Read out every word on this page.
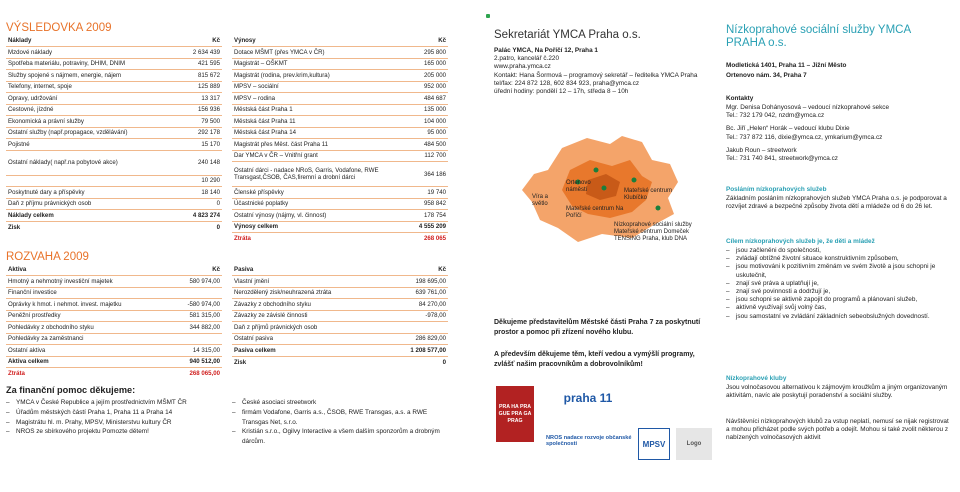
VÝSLEDOVKA 2009
Náklady	Kč
Mzdové náklady	2 634 439
Spotřeba materiálu, potraviny, DHIM, DNIM	421 595
Služby spojené s nájmem, energie, nájem	815 672
Telefony, internet, spoje	125 889
Opravy, udržování	13 317
Cestovné, jízdné	156 936
Ekonomická a právní služby	79 500
Ostatní služby (např.propagace, vzdělávání)	292 178
Pojistné	15 170
Ostatní náklady( např.na pobytové akce)	240 148
	10 290
Poskytnuté dary a příspěvky	18 140
Daň z příjmu právnických osob	0
Náklady celkem	4 823 274
Zisk	0
Výnosy	Kč
Dotace MŠMT (přes YMCA v ČR)	295 800
Magistrát – OŠKMT	165 000
Magistrát (rodina, prev.krim,kultura)	205 000
MPSV – sociální	952 000
MPSV – rodina	484 687
Městská část Praha 1	135 000
Městská část Praha 11	104 000
Městská část Praha 14	95 000
Magistrát přes Měst. část Praha 11	484 500
Dar YMCA v ČR – Vnitřní grant	112 700
Ostatní dárci - nadace NRoS, Garris, Vodafone, RWE Transgast,ČSOB, ČAS,firemní a drobní dárci	364 186
Členské příspěvky	19 740
Účastnické poplatky	958 842
Ostatní výnosy (nájmy, vl. činnost)	178 754
Výnosy celkem	4 555 209
Ztráta	268 065
ROZVAHA 2009
Aktiva	Kč
Hmotný a nehmotný investiční majetek	580 974,00
Finanční investice	
Oprávky k hmot. i nehmot. invest. majetku	-580 974,00
Peněžní prostředky	581 315,00
Pohledávky z obchodního styku	344 882,00
Pohledávky za zaměstnanci	
Ostatní aktiva	14 315,00
Aktiva celkem	940 512,00
Ztráta	268 065,00
Pasiva	Kč
Vlastní jmění	198 695,00
Nerozdělený zisk/neuhrazená ztráta	639 761,00
Závazky z obchodního styku	84 270,00
Závazky ze závislé činnosti	-978,00
Daň z příjmů právnických osob	
Ostatní pasiva	286 829,00
Pasiva celkem	1 208 577,00
Zisk	0
Za finanční pomoc děkujeme:
– YMCA v České Republice a jejím prostřednictvím MŠMT ČR
– Úřadům městských částí Praha 1, Praha 11 a Praha 14
– Magistrátu hl. m. Prahy, MPSV, Ministerstvu kultury ČR
– NROS ze sbírkového projektu Pomozte dětem!
– České asociaci streetwork
– firmám Vodafone, Garris a.s., ČSOB, RWE Transgas, a.s. a RWE Transgas Net, s.r.o.
– Kristián s.r.o., Ogilvy Interactive a všem dalším sponzorům a drobným dárcům.
Sekretariát YMCA Praha o.s.
Palác YMCA, Na Poříčí 12, Praha 1
2.patro, kancelář č.220
www.praha.ymca.cz
Kontakt: Hana Šormová – programový sekretář – ředitelka YMCA Praha
tel/fax: 224 872 128, 602 834 923, praha@ymca.cz
úřední hodiny: pondělí 12 – 17h, středa 8 – 10h
Víra a světlo
Ortenovo náměstí
Mateřské centrum Na Poříčí
Mateřské centrum Klubíčko
Nízkoprahové sociální služby Mateřské centrum Domeček TENSING Praha, klub DNA
Děkujeme představitelům Městské části Praha 7 za poskytnutí prostor a pomoc při zřízení nového klubu.
A především děkujeme těm, kteří vedou a vymýšlí programy, zvlášť našim pracovníkům a dobrovolníkům!
PRA HA PRA GUE PRA GA PRAG
praha 11
NROS nadace rozvoje občanské společnosti	MPSV	Logo
Nízkoprahové sociální služby YMCA PRAHA o.s.
Modletická 1401, Praha 11 – Jižní Město
Ortenovo nám. 34, Praha 7
Kontakty
Mgr. Denisa Dohányosová – vedoucí nízkoprahové sekce
Tel.: 732 179 042, nzdm@ymca.cz
Bc. Jiří „Helen“ Horák – vedoucí klubu Dixie
Tel.: 737 872 116, dixie@ymca.cz, ymkarium@ymca.cz
Jakub Roun – streetwork
Tel.: 731 740 841, streetwork@ymca.cz
Posláním nízkoprahových služeb
Základním posláním nízkoprahových služeb YMCA Praha o.s. je podporovat a rozvíjet zdravé a bezpečné způsoby života dětí a mládeže od 6 do 26 let.
Cílem nízkoprahových služeb je, že děti a mládež
– jsou začleněni do společnosti,
– zvládají obtížné životní situace konstruktivním způsobem,
– jsou motivováni k pozitivním změnám ve svém životě a jsou schopni je uskutečnit,
– znají své práva a uplatňují je,
– znají své povinnosti a dodržují je,
– jsou schopni se aktivně zapojit do programů a plánovaní služeb,
– aktivně využívají svůj volný čas,
– jsou samostatní ve zvládání základních sebeobslužných dovedností.
Nízkoprahové kluby
Jsou volnočasovou alternativou k zájmovým kroužkům a jiným organizovaným aktivitám, navíc ale poskytují poradenství a sociální služby.
Návštěvníci nízkoprahových klubů za vstup neplatí, nemusí se nijak registrovat a mohou přicházet podle svých potřeb a odejít. Mohou si také zvolit některou z nabízených volnočasových aktivit
